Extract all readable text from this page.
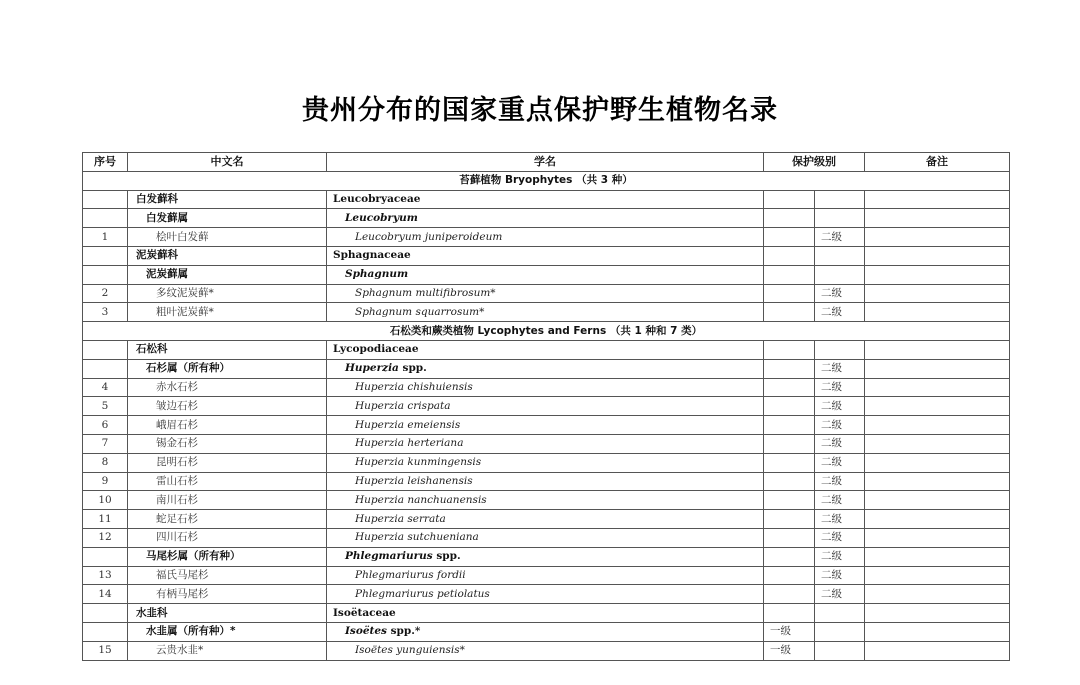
贵州分布的国家重点保护野生植物名录
序号	中文名	学名	保护级别		备注
苔藓植物 Bryophytes （共 3 种）					
	白发藓科	Leucobryaceae			
	白发藓属	Leucobryum			
1	桧叶白发藓	Leucobryum juniperoideum		二级	
	泥炭藓科	Sphagnaceae			
	泥炭藓属	Sphagnum			
2	多纹泥炭藓*	Sphagnum multifibrosum*		二级	
3	粗叶泥炭藓*	Sphagnum squarrosum*		二级	
石松类和蕨类植物 Lycophytes and Ferns （共 1 种和 7 类）					
	石松科	Lycopodiaceae			
	石杉属（所有种）	Huperzia spp.		二级	
4	赤水石杉	Huperzia chishuiensis		二级	
5	皱边石杉	Huperzia crispata		二级	
6	峨眉石杉	Huperzia emeiensis		二级	
7	锡金石杉	Huperzia herteriana		二级	
8	昆明石杉	Huperzia kunmingensis		二级	
9	雷山石杉	Huperzia leishanensis		二级	
10	南川石杉	Huperzia nanchuanensis		二级	
11	蛇足石杉	Huperzia serrata		二级	
12	四川石杉	Huperzia sutchueniana		二级	
	马尾杉属（所有种）	Phlegmariurus spp.		二级	
13	福氏马尾杉	Phlegmariurus fordii		二级	
14	有柄马尾杉	Phlegmariurus petiolatus		二级	
	水韭科	Isoëtaceae			
	水韭属（所有种）*	Isoëtes spp.*	一级		
15	云贵水韭*	Isoëtes yunguiensis*	一级		
